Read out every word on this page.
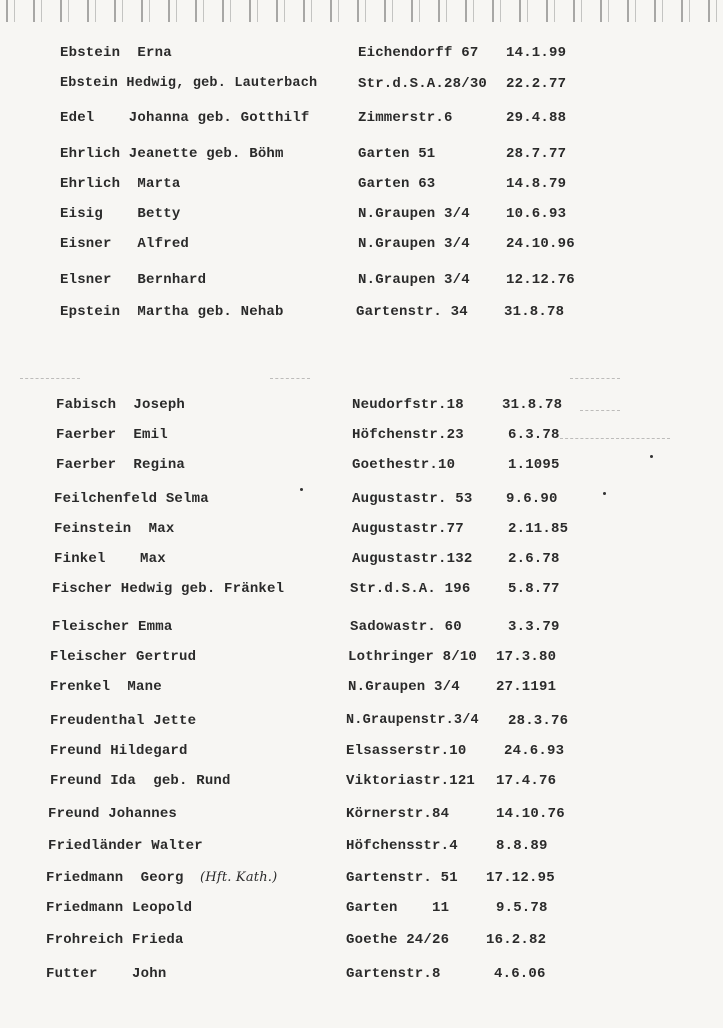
Ebstein  Erna	Eichendorff 67 14.1.99
Ebstein Hedwig, geb. Lauterbach	Str.d.S.A.28/30 22.2.77
Edel    Johanna geb. Gotthilf	Zimmerstr.6	29.4.88
Ehrlich Jeanette geb. Böhm	Garten 51	28.7.77
Ehrlich  Marta	Garten 63	14.8.79
Eisig    Betty	N.Graupen 3/4	10.6.93
Eisner   Alfred	N.Graupen 3/4	24.10.96
Elsner   Bernhard	N.Graupen 3/4	12.12.76
Epstein  Martha geb. Nehab	Gartenstr. 34	31.8.78
Fabisch  Joseph	Neudorfstr.18	31.8.78
Faerber  Emil	Höfchenstr.23	6.3.78
Faerber  Regina	Goethestr.10	1.1095
Feilchenfeld Selma	Augustastr. 53 9.6.90
Feinstein  Max	Augustastr.77	2.11.85
Finkel    Max	Augustastr.132	2.6.78
Fischer Hedwig geb. Fränkel	Str.d.S.A. 196	5.8.77
Fleischer Emma	Sadowastr. 60	3.3.79
Fleischer Gertrud	Lothringer 8/10 17.3.80
Frenkel  Mane	N.Graupen 3/4	27.1191
Freudenthal Jette	N.Graupenstr.3/4 28.3.76
Freund Hildegard	Elsasserstr.10	24.6.93
Freund Ida  geb. Rund	Viktoriastr.121 17.4.76
Freund Johannes	Körnerstr.84	14.10.76
Friedländer Walter	Höfchensstr.4	8.8.89
Friedmann  Georg (Hft. Kath.)	Gartenstr. 51 17.12.95
Friedmann Leopold	Garten    11	9.5.78
Frohreich Frieda	Goethe 24/26	16.2.82
Futter    John	Gartenstr.8	4.6.06
